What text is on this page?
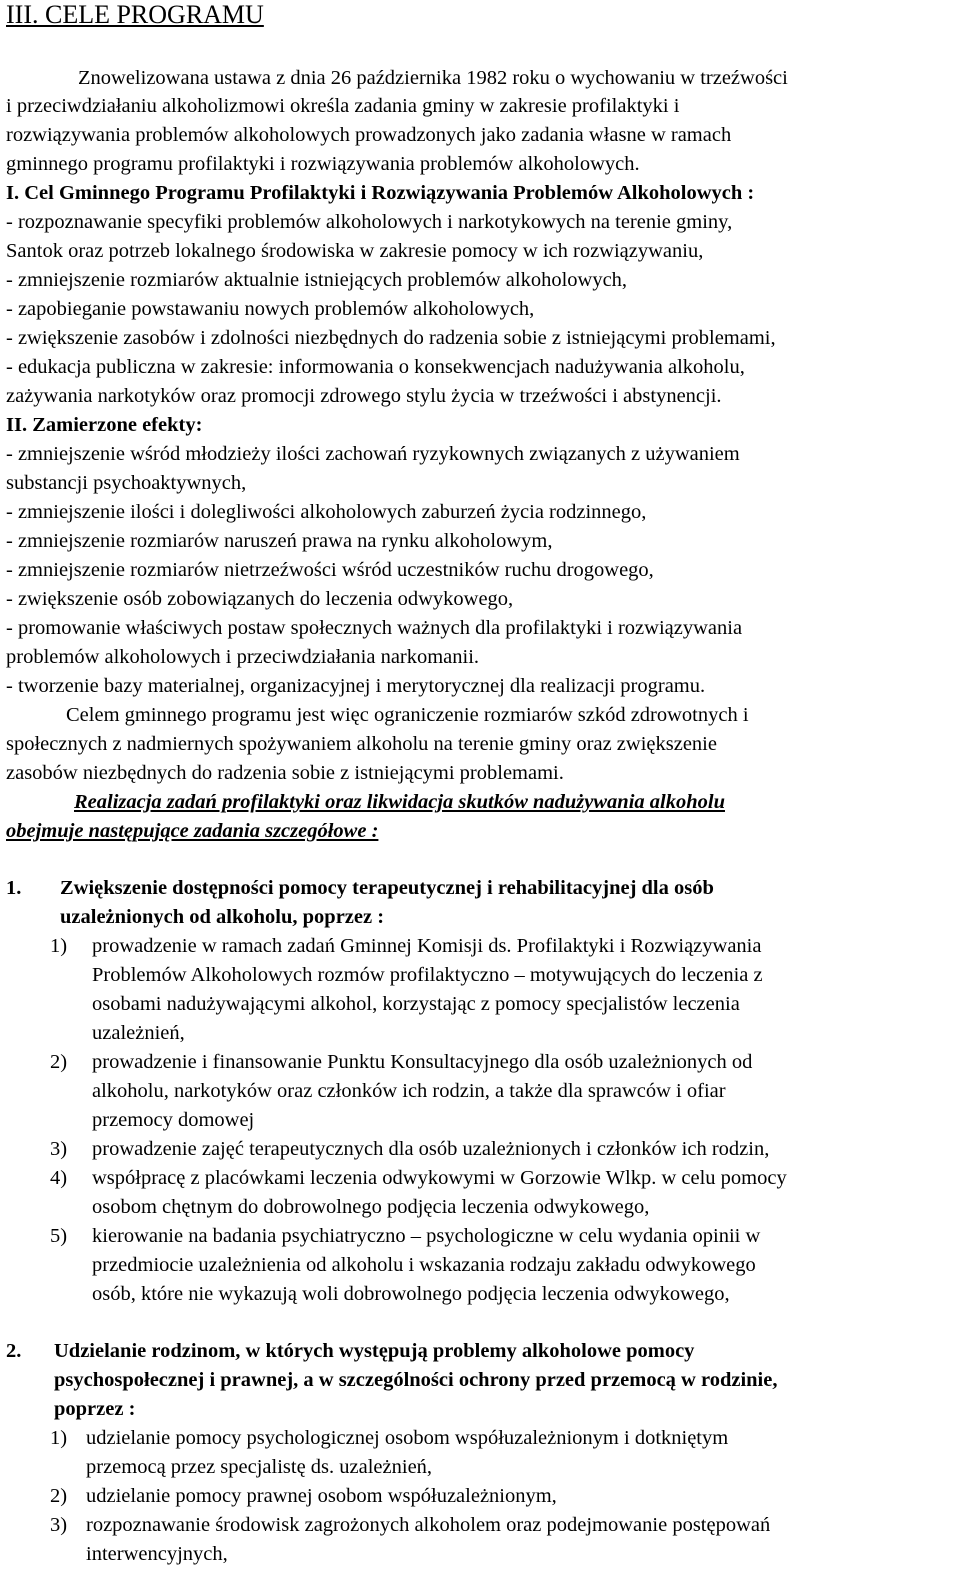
III. CELE PROGRAMU
Znowelizowana ustawa z dnia 26 października 1982 roku o wychowaniu w trzeźwości
i przeciwdziałaniu alkoholizmowi określa zadania gminy w zakresie profilaktyki i
rozwiązywania problemów alkoholowych prowadzonych jako zadania własne w ramach
gminnego programu profilaktyki i rozwiązywania problemów alkoholowych.
I. Cel Gminnego Programu Profilaktyki i Rozwiązywania Problemów Alkoholowych :
- rozpoznawanie specyfiki problemów alkoholowych i narkotykowych na terenie gminy,
Santok oraz potrzeb lokalnego środowiska w zakresie pomocy w ich rozwiązywaniu,
- zmniejszenie rozmiarów aktualnie istniejących problemów alkoholowych,
- zapobieganie powstawaniu nowych problemów alkoholowych,
- zwiększenie zasobów i zdolności niezbędnych do radzenia sobie z istniejącymi problemami,
- edukacja publiczna w zakresie: informowania o konsekwencjach nadużywania alkoholu,
zażywania narkotyków oraz promocji zdrowego stylu życia w trzeźwości i abstynencji.
II. Zamierzone efekty:
- zmniejszenie wśród młodzieży ilości zachowań ryzykownych związanych z używaniem
substancji psychoaktywnych,
- zmniejszenie ilości i dolegliwości alkoholowych zaburzeń życia rodzinnego,
- zmniejszenie rozmiarów naruszeń prawa na rynku alkoholowym,
- zmniejszenie rozmiarów nietrzeźwości wśród uczestników ruchu drogowego,
- zwiększenie osób zobowiązanych do leczenia odwykowego,
- promowanie właściwych postaw społecznych ważnych dla profilaktyki i rozwiązywania
problemów alkoholowych i przeciwdziałania narkomanii.
- tworzenie bazy materialnej, organizacyjnej i merytorycznej dla realizacji programu.
Celem gminnego programu jest więc ograniczenie rozmiarów szkód zdrowotnych i
społecznych z nadmiernych spożywaniem alkoholu na terenie gminy oraz zwiększenie
zasobów niezbędnych do radzenia sobie z istniejącymi problemami.
Realizacja zadań profilaktyki oraz likwidacja skutków nadużywania alkoholu
obejmuje następujące zadania szczegółowe :
1. Zwiększenie dostępności pomocy terapeutycznej i rehabilitacyjnej dla osób
uzależnionych od alkoholu, poprzez :
1) prowadzenie w ramach zadań Gminnej Komisji ds. Profilaktyki i Rozwiązywania
Problemów Alkoholowych rozmów profilaktyczno – motywujących do leczenia z
osobami nadużywającymi alkohol, korzystając z pomocy specjalistów leczenia
uzależnień,
2) prowadzenie i finansowanie Punktu Konsultacyjnego dla osób uzależnionych od
alkoholu, narkotyków oraz członków ich rodzin, a także dla sprawców i ofiar
przemocy domowej
3) prowadzenie zajęć terapeutycznych dla osób uzależnionych i członków ich rodzin,
4) współpracę z placówkami leczenia odwykowymi w Gorzowie Wlkp. w celu pomocy
osobom chętnym do dobrowolnego podjęcia leczenia odwykowego,
5) kierowanie na badania psychiatryczno – psychologiczne w celu wydania opinii w
przedmiocie uzależnienia od alkoholu i wskazania rodzaju zakładu odwykowego
osób, które nie wykazują woli dobrowolnego podjęcia leczenia odwykowego,
2. Udzielanie rodzinom, w których występują problemy alkoholowe pomocy
psychospołecznej i prawnej, a w szczególności ochrony przed przemocą w rodzinie,
poprzez :
1) udzielanie pomocy psychologicznej osobom współuzależnionym i dotkniętym
przemocą przez specjalistę ds. uzależnień,
2) udzielanie pomocy prawnej osobom współuzależnionym,
3) rozpoznawanie środowisk zagrożonych alkoholem oraz podejmowanie postępowań
interwencyjnych,
